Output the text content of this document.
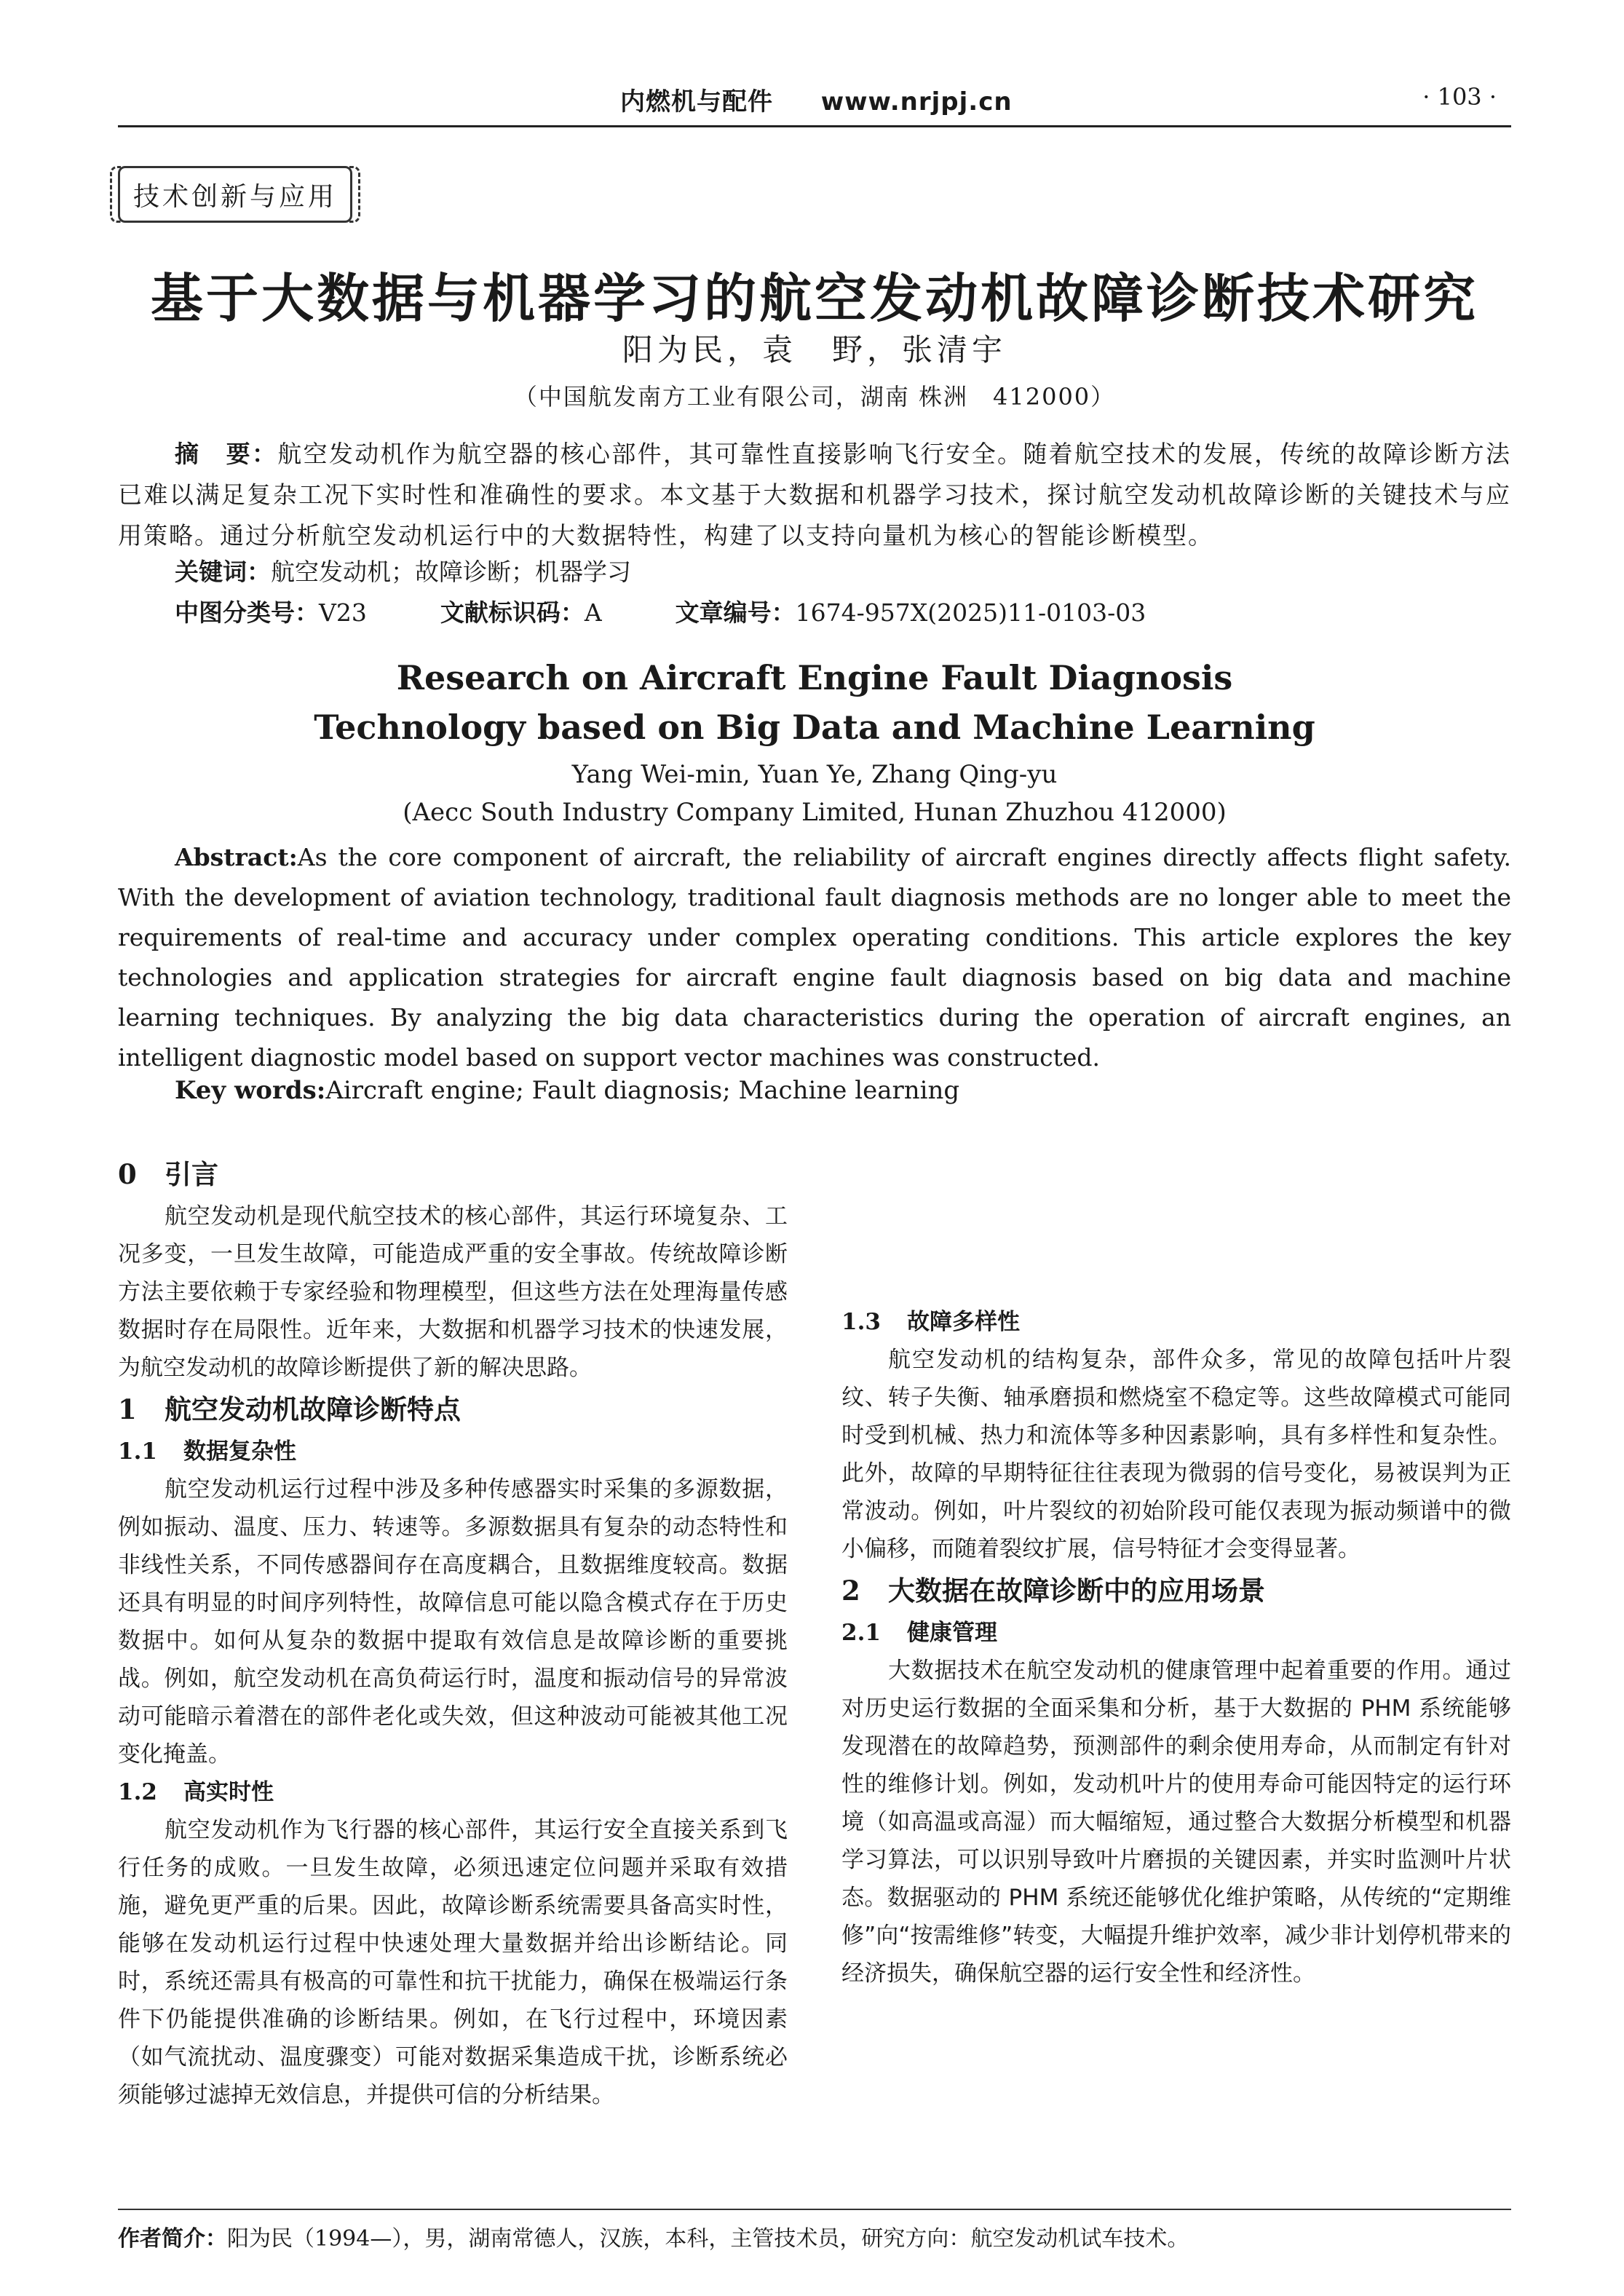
内燃机与配件 www.nrjpj.cn	· 103 ·
技术创新与应用
基于大数据与机器学习的航空发动机故障诊断技术研究
阳为民，袁　野，张清宇
（中国航发南方工业有限公司，湖南 株洲　412000）
摘　要：航空发动机作为航空器的核心部件，其可靠性直接影响飞行安全。随着航空技术的发展，传统的故障诊断方法已难以满足复杂工况下实时性和准确性的要求。本文基于大数据和机器学习技术，探讨航空发动机故障诊断的关键技术与应用策略。通过分析航空发动机运行中的大数据特性，构建了以支持向量机为核心的智能诊断模型。
关键词：航空发动机；故障诊断；机器学习
中图分类号：V23	文献标识码：A	文章编号：1674-957X(2025)11-0103-03
Research on Aircraft Engine Fault Diagnosis
Technology based on Big Data and Machine Learning
Yang Wei-min, Yuan Ye, Zhang Qing-yu
(Aecc South Industry Company Limited, Hunan Zhuzhou 412000)
Abstract:As the core component of aircraft, the reliability of aircraft engines directly affects flight safety. With the development of aviation technology, traditional fault diagnosis methods are no longer able to meet the requirements of real-time and accuracy under complex operating conditions. This article explores the key technologies and application strategies for aircraft engine fault diagnosis based on big data and machine learning techniques. By analyzing the big data characteristics during the operation of aircraft engines, an intelligent diagnostic model based on support vector machines was constructed.
Key words:Aircraft engine; Fault diagnosis; Machine learning
0 引言

航空发动机是现代航空技术的核心部件，其运行环境复杂、工况多变，一旦发生故障，可能造成严重的安全事故。传统故障诊断方法主要依赖于专家经验和物理模型，但这些方法在处理海量传感数据时存在局限性。近年来，大数据和机器学习技术的快速发展，为航空发动机的故障诊断提供了新的解决思路。

1 航空发动机故障诊断特点
1.1 数据复杂性

航空发动机运行过程中涉及多种传感器实时采集的多源数据，例如振动、温度、压力、转速等。多源数据具有复杂的动态特性和非线性关系，不同传感器间存在高度耦合，且数据维度较高。数据还具有明显的时间序列特性，故障信息可能以隐含模式存在于历史数据中。如何从复杂的数据中提取有效信息是故障诊断的重要挑战。例如，航空发动机在高负荷运行时，温度和振动信号的异常波动可能暗示着潜在的部件老化或失效，但这种波动可能被其他工况变化掩盖。

1.2 高实时性

航空发动机作为飞行器的核心部件，其运行安全直接关系到飞行任务的成败。一旦发生故障，必须迅速定位问题并采取有效措施，避免更严重的后果。因此，故障诊断系统需要具备高实时性，能够在发动机运行过程中快速处理大量数据并给出诊断结论。同时，系统还需具有极高的可靠性和抗干扰能力，确保在极端运行条件下仍能提供准确的诊断结果。例如，在飞行过程中，环境因素（如气流扰动、温度骤变）可能对数据采集造成干扰，诊断系统必须能够过滤掉无效信息，并提供可信的分析结果。

1.3 故障多样性

航空发动机的结构复杂，部件众多，常见的故障包括叶片裂纹、转子失衡、轴承磨损和燃烧室不稳定等。这些故障模式可能同时受到机械、热力和流体等多种因素影响，具有多样性和复杂性。此外，故障的早期特征往往表现为微弱的信号变化，易被误判为正常波动。例如，叶片裂纹的初始阶段可能仅表现为振动频谱中的微小偏移，而随着裂纹扩展，信号特征才会变得显著。

2 大数据在故障诊断中的应用场景
2.1 健康管理

大数据技术在航空发动机的健康管理中起着重要的作用。通过对历史运行数据的全面采集和分析，基于大数据的 PHM 系统能够发现潜在的故障趋势，预测部件的剩余使用寿命，从而制定有针对性的维修计划。例如，发动机叶片的使用寿命可能因特定的运行环境（如高温或高湿）而大幅缩短，通过整合大数据分析模型和机器学习算法，可以识别导致叶片磨损的关键因素，并实时监测叶片状态。数据驱动的 PHM 系统还能够优化维护策略，从传统的“定期维修”向“按需维修”转变，大幅提升维护效率，减少非计划停机带来的经济损失，确保航空器的运行安全性和经济性。

作者简介：阳为民（1994—），男，湖南常德人，汉族，本科，主管技术员，研究方向：航空发动机试车技术。
